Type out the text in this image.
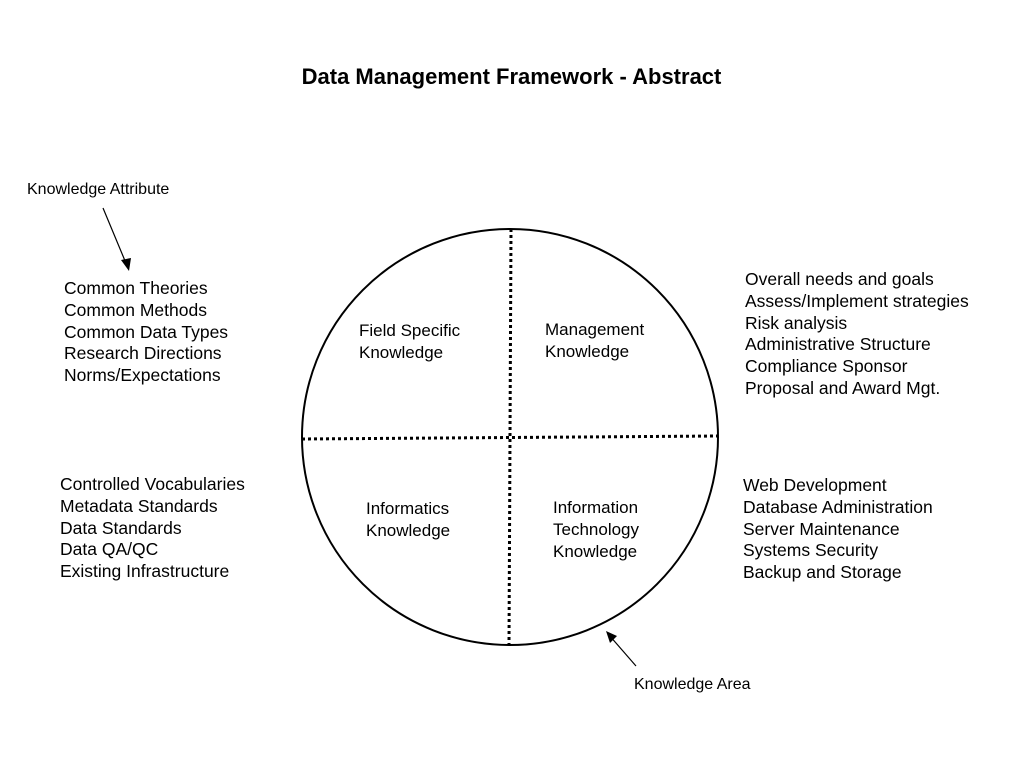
Data Management Framework - Abstract
Knowledge Attribute
Knowledge Area
Field Specific
Knowledge
Management
Knowledge
Informatics
Knowledge
Information
Technology
Knowledge
Common Theories
Common Methods
Common Data Types
Research Directions
Norms/Expectations
Overall needs and goals
Assess/Implement strategies
Risk analysis
Administrative Structure
Compliance Sponsor
Proposal and Award Mgt.
Controlled Vocabularies
Metadata Standards
Data Standards
Data QA/QC
Existing Infrastructure
Web Development
Database Administration
Server Maintenance
Systems Security
Backup and Storage
